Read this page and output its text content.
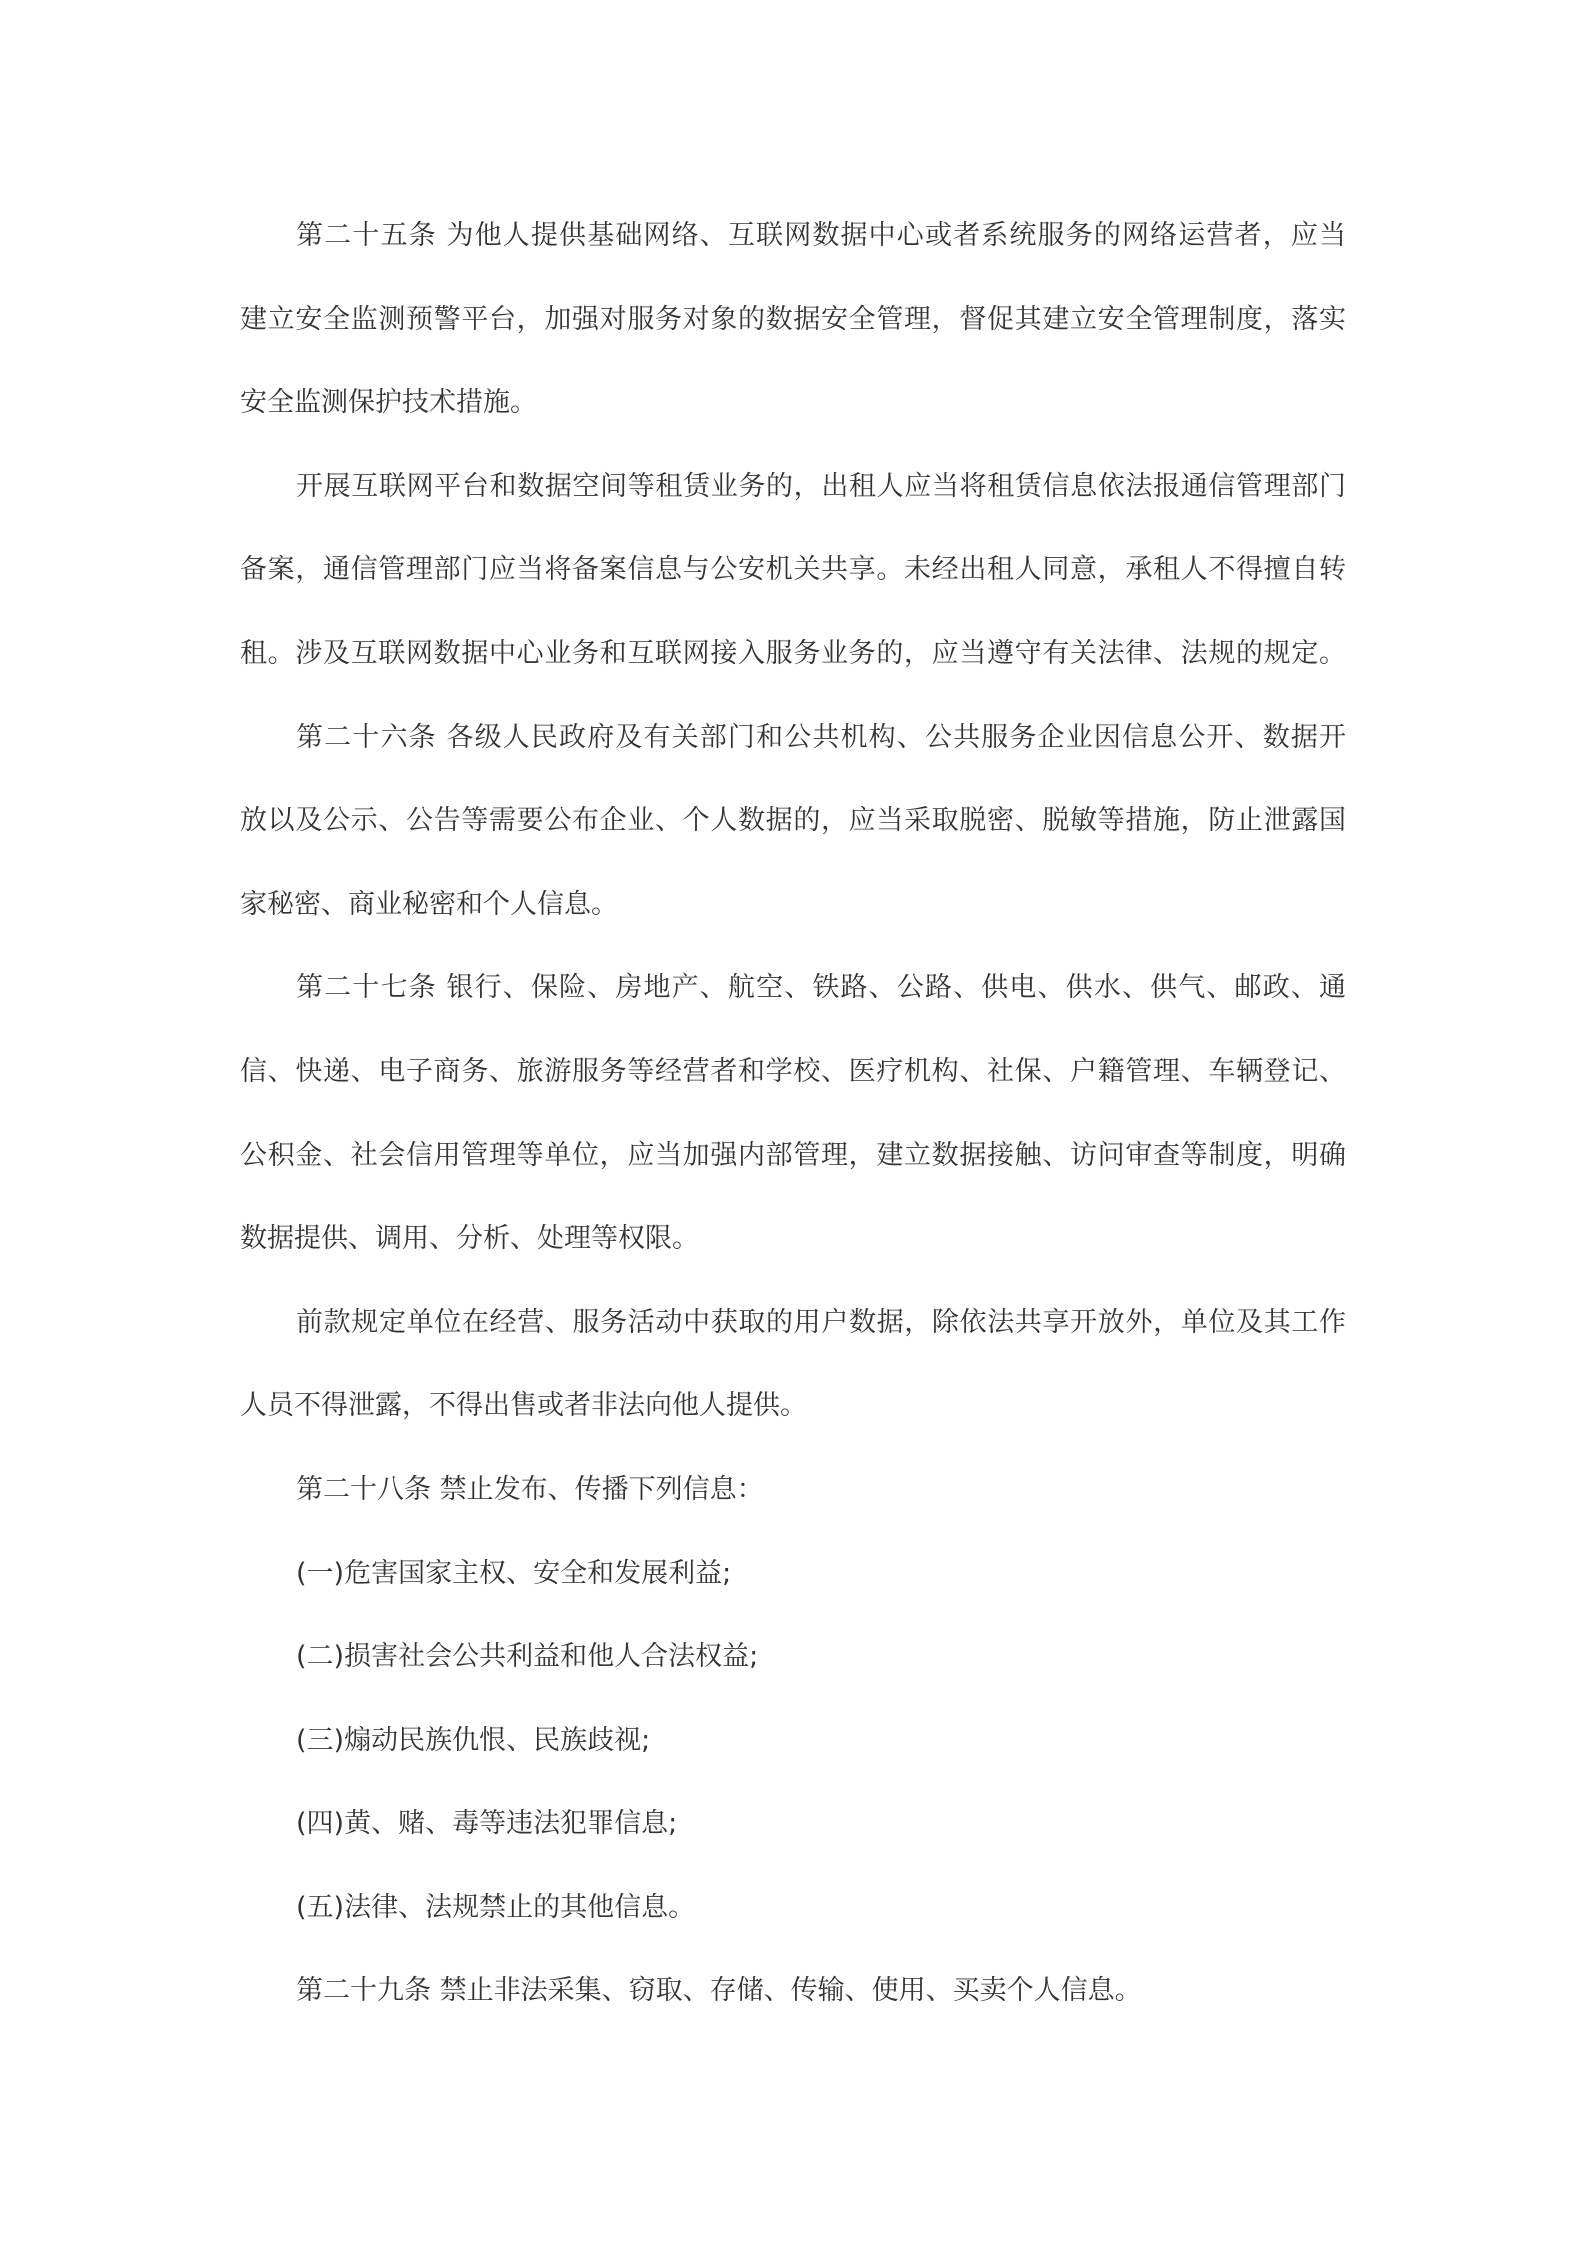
第二十五条 为他人提供基础网络、互联网数据中心或者系统服务的网络运营者，应当
建立安全监测预警平台，加强对服务对象的数据安全管理，督促其建立安全管理制度，落实
安全监测保护技术措施。

开展互联网平台和数据空间等租赁业务的，出租人应当将租赁信息依法报通信管理部门
备案，通信管理部门应当将备案信息与公安机关共享。未经出租人同意，承租人不得擅自转
租。涉及互联网数据中心业务和互联网接入服务业务的，应当遵守有关法律、法规的规定。

第二十六条 各级人民政府及有关部门和公共机构、公共服务企业因信息公开、数据开
放以及公示、公告等需要公布企业、个人数据的，应当采取脱密、脱敏等措施，防止泄露国
家秘密、商业秘密和个人信息。

第二十七条 银行、保险、房地产、航空、铁路、公路、供电、供水、供气、邮政、通
信、快递、电子商务、旅游服务等经营者和学校、医疗机构、社保、户籍管理、车辆登记、
公积金、社会信用管理等单位，应当加强内部管理，建立数据接触、访问审查等制度，明确
数据提供、调用、分析、处理等权限。

前款规定单位在经营、服务活动中获取的用户数据，除依法共享开放外，单位及其工作
人员不得泄露，不得出售或者非法向他人提供。

第二十八条 禁止发布、传播下列信息：

(一)危害国家主权、安全和发展利益;

(二)损害社会公共利益和他人合法权益;

(三)煽动民族仇恨、民族歧视;

(四)黄、赌、毒等违法犯罪信息;

(五)法律、法规禁止的其他信息。

第二十九条 禁止非法采集、窃取、存储、传输、使用、买卖个人信息。
